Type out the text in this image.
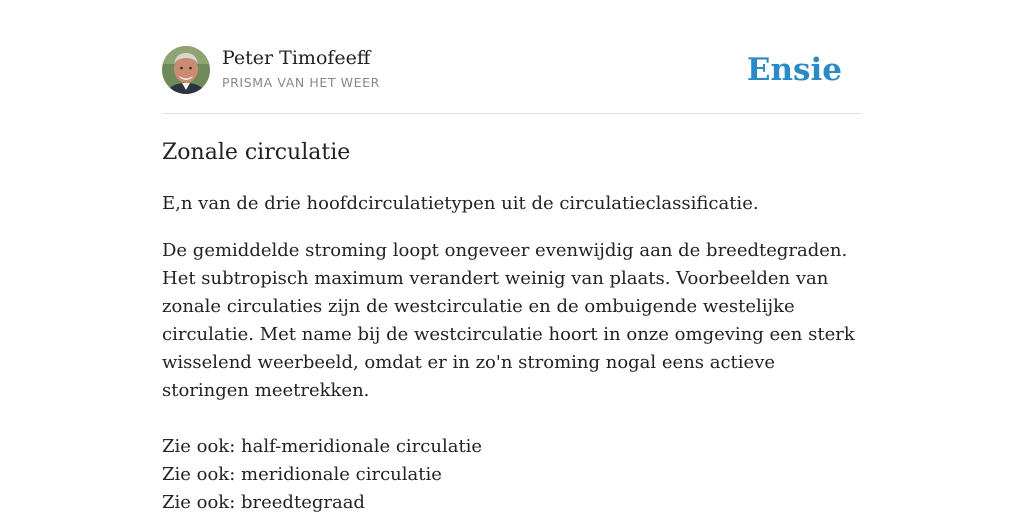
Peter Timofeeff
PRISMA VAN HET WEER	Ensie
Zonale circulatie

E,n van de drie hoofdcirculatietypen uit de circulatieclassificatie.

De gemiddelde stroming loopt ongeveer evenwijdig aan de breedtegraden. Het subtropisch maximum verandert weinig van plaats. Voorbeelden van zonale circulaties zijn de westcirculatie en de ombuigende westelijke circulatie. Met name bij de westcirculatie hoort in onze omgeving een sterk wisselend weerbeeld, omdat er in zo'n stroming nogal eens actieve storingen meetrekken.

Zie ook: half-meridionale circulatie
Zie ook: meridionale circulatie
Zie ook: breedtegraad
